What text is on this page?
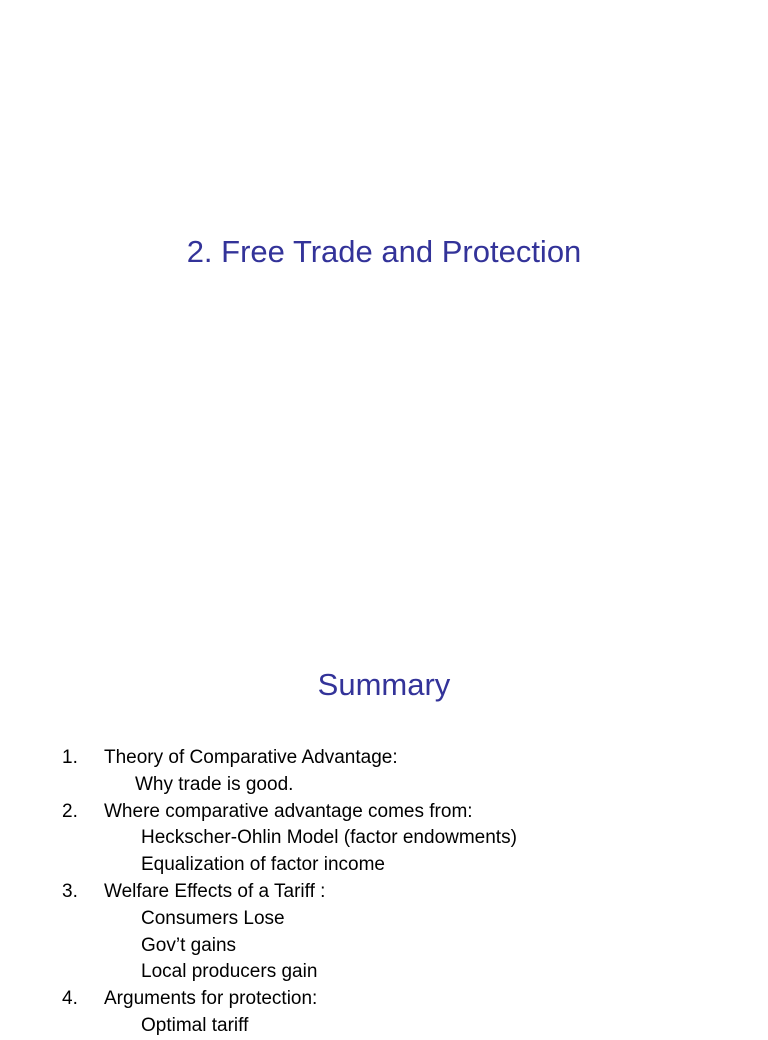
2. Free Trade and Protection
Summary
1. Theory of Comparative Advantage:
Why trade is good.
2. Where comparative advantage comes from:
Heckscher-Ohlin Model (factor endowments)
Equalization of factor income
3. Welfare Effects of a Tariff :
Consumers Lose
Gov’t gains
Local producers gain
4. Arguments for protection:
Optimal tariff
